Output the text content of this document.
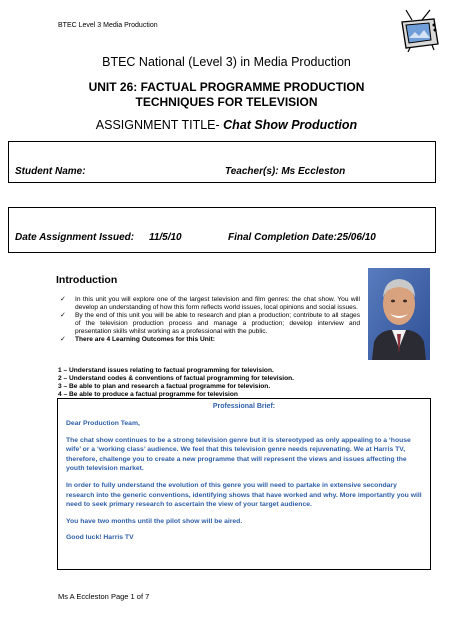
BTEC Level 3 Media Production
BTEC National (Level 3) in Media Production
UNIT 26: FACTUAL PROGRAMME PRODUCTION
TECHNIQUES FOR TELEVISION
ASSIGNMENT TITLE- Chat Show Production
Student Name:	Teacher(s): Ms Eccleston
Date Assignment Issued: 11/5/10	Final Completion Date:25/06/10
Introduction
✓ In this unit you will explore one of the largest television and film genres: the chat show. You will develop an understanding of how this form reflects world issues, local opinions and social issues.
✓ By the end of this unit you will be able to research and plan a production; contribute to all stages of the television production process and manage a production; develop interview and presentation skills whilst working as a professional with the public.
✓ There are 4 Learning Outcomes for this Unit:
1 – Understand issues relating to factual programming for television.
2 – Understand codes & conventions of factual programming for television.
3 – Be able to plan and research a factual programme for television.
4 – Be able to produce a factual programme for television
Professional Brief:

Dear Production Team,

The chat show continues to be a strong television genre but it is stereotyped as only appealing to a ‘house wife’ or a ‘working class’ audience. We feel that this television genre needs rejuvenating. We at Harris TV, therefore, challenge you to create a new programme that will represent the views and issues affecting the youth television market.

In order to fully understand the evolution of this genre you will need to partake in extensive secondary research into the generic conventions, identifying shows that have worked and why. More importantly you will need to seek primary research to ascertain the view of your target audience.

You have two months until the pilot show will be aired.

Good luck! Harris TV

Ms A Eccleston Page 1 of 7
